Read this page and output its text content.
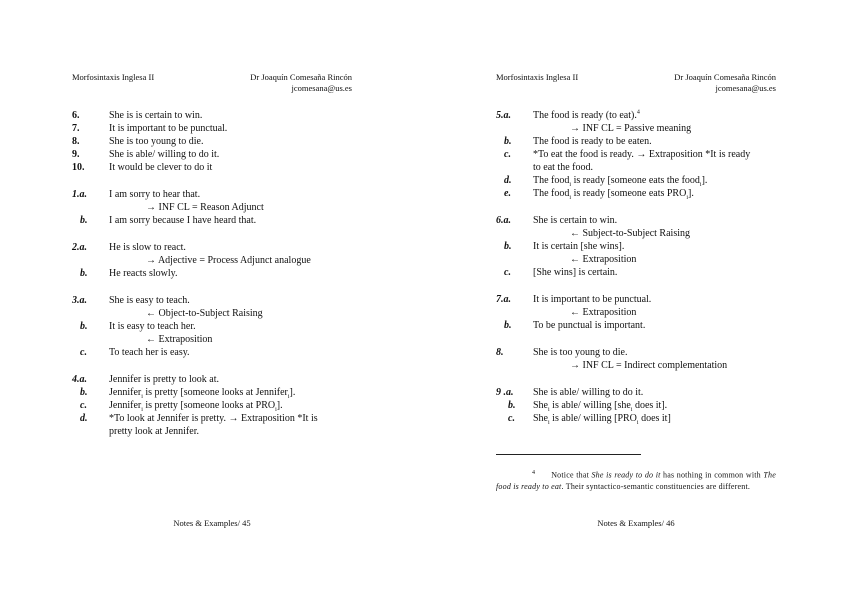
Morfosintaxis Inglesa II	Dr Joaquín Comesaña Rincón
jcomesana@us.es
6.	She is is certain to win.
7.	It is important to be punctual.
8.	She is too young to die.
9.	She is able/ willing to do it.
10. It would be clever to do it
1.a. I am sorry to hear that.
→ INF CL = Reason Adjunct
b. I am sorry because I have heard that.
2.a. He is slow to react.
→ Adjective = Process Adjunct analogue
b. He reacts slowly.
3.a. She is easy to teach.
← Object-to-Subject Raising
b. It is easy to teach her.
← Extraposition
c. To teach her is easy.
4.a. Jennifer is pretty to look at.
b. Jennifer$_i$ is pretty [someone looks at Jennifer$_i$].
c. Jennifer$_i$ is pretty [someone looks at $PRO_i$].
d. *To look at Jennifer is pretty. → Extraposition *It is
pretty look at Jennifer.
Notes & Examples/ 45
Morfosintaxis Inglesa II	Dr Joaquín Comesaña Rincón
jcomesana@us.es
5.a. The food is ready (to eat).$^4$
→ INF CL = Passive meaning
b. The food is ready to be eaten.
c. *To eat the food is ready. → Extraposition *It is ready
to eat the food.
d. The food$_i$ is ready [someone eats the food$_i$].
e. The food$_i$ is ready [someone eats $PRO_i$].
6.a. She is certain to win.
← Subject-to-Subject Raising
b. It is certain [she wins].
← Extraposition
c. [She wins] is certain.
7.a. It is important to be punctual.
← Extraposition
b. To be punctual is important.
8.	She is too young to die.
→ INF CL = Indirect complementation
9 .a. She is able/ willing to do it.
b. She$_i$ is able/ willing [she$_i$ does it].
c. She$_i$ is able/ willing [$PRO_i$ does it]
$^4$ Notice that She is ready to do it has nothing in common with The food is ready to eat. Their syntactico-semantic constituencies are different.
Notes & Examples/ 46
